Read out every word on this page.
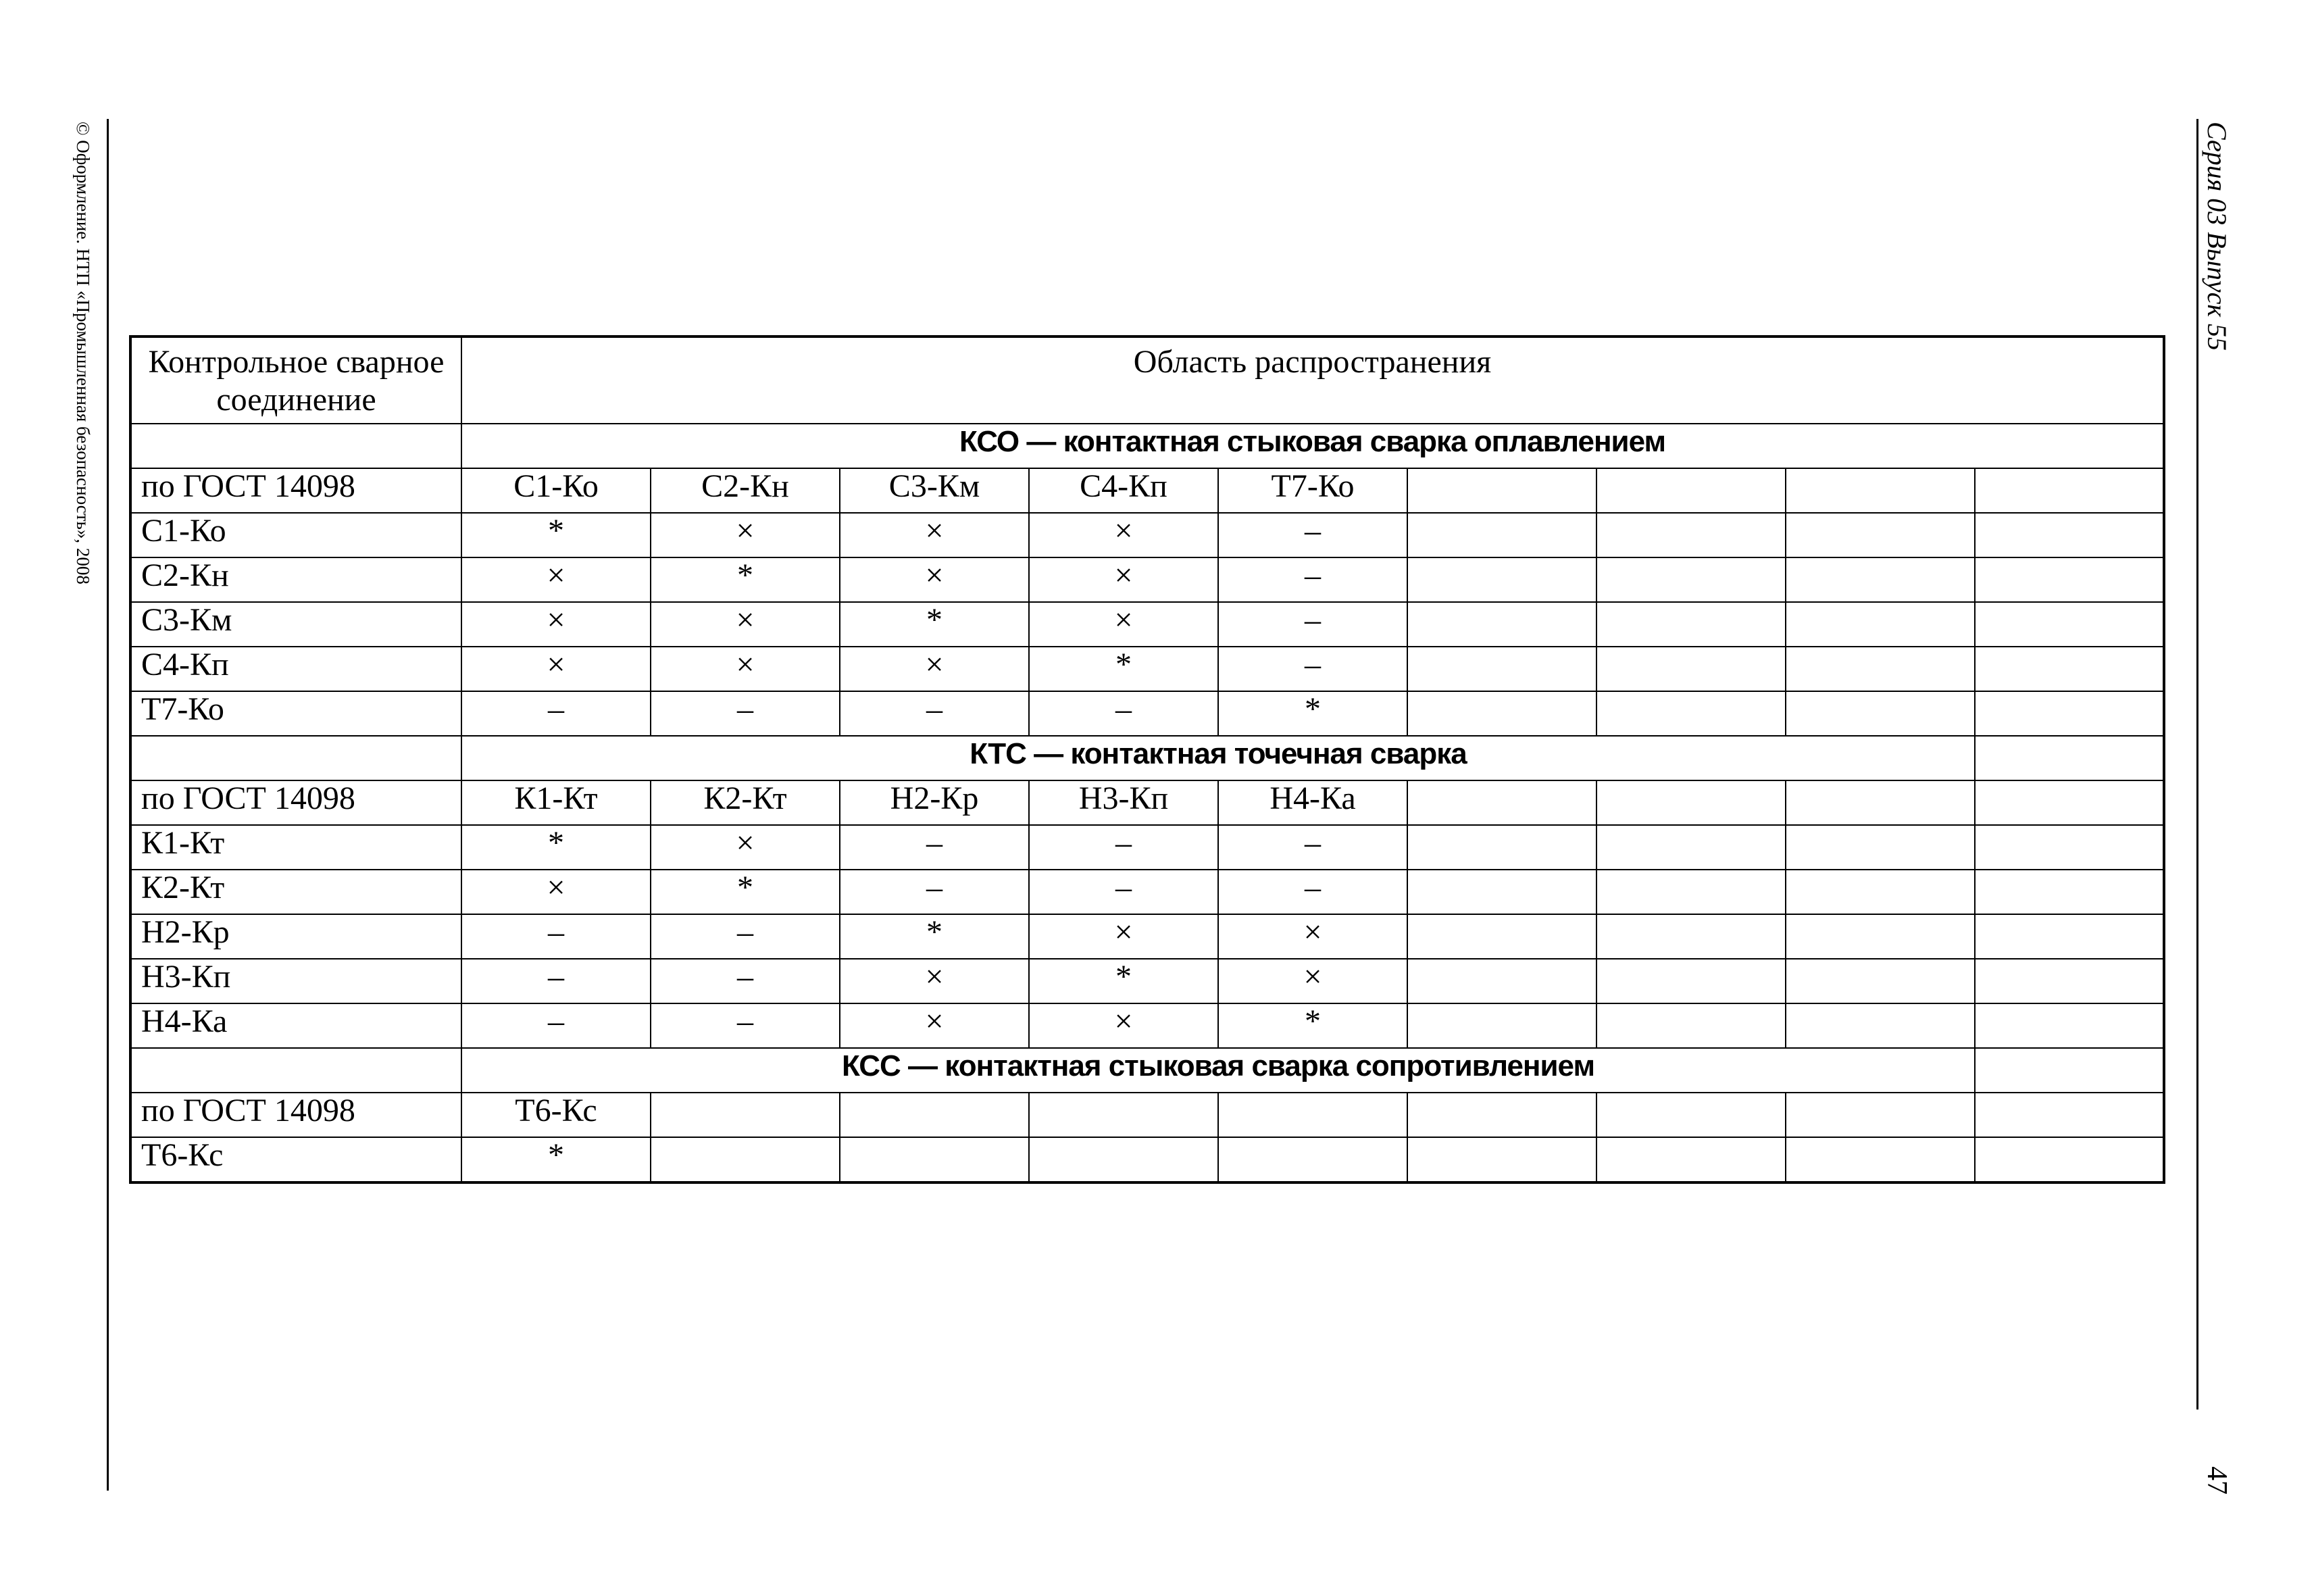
© Оформление. НТП «Промышленная безопасность», 2008	Серия 03 Выпуск 55
47
Контрольное сварное соединение	Область распространения								
	КСО — контактная стыковая сварка оплавлением								
по ГОСТ 14098	С1-Ко	С2-Кн	С3-Км	С4-Кп	Т7-Ко				
С1-Ко	*	×	×	×	–				
С2-Кн	×	*	×	×	–				
С3-Км	×	×	*	×	–				
С4-Кп	×	×	×	*	–				
Т7-Ко	–	–	–	–	*				
	КТС — контактная точечная сварка								
по ГОСТ 14098	К1-Кт	К2-Кт	Н2-Кр	Н3-Кп	Н4-Ка				
К1-Кт	*	×	–	–	–				
К2-Кт	×	*	–	–	–				
Н2-Кр	–	–	*	×	×				
Н3-Кп	–	–	×	*	×				
Н4-Ка	–	–	×	×	*				
	КСС — контактная стыковая сварка сопротивлением								
по ГОСТ 14098	Т6-Кс								
Т6-Кс	*								
